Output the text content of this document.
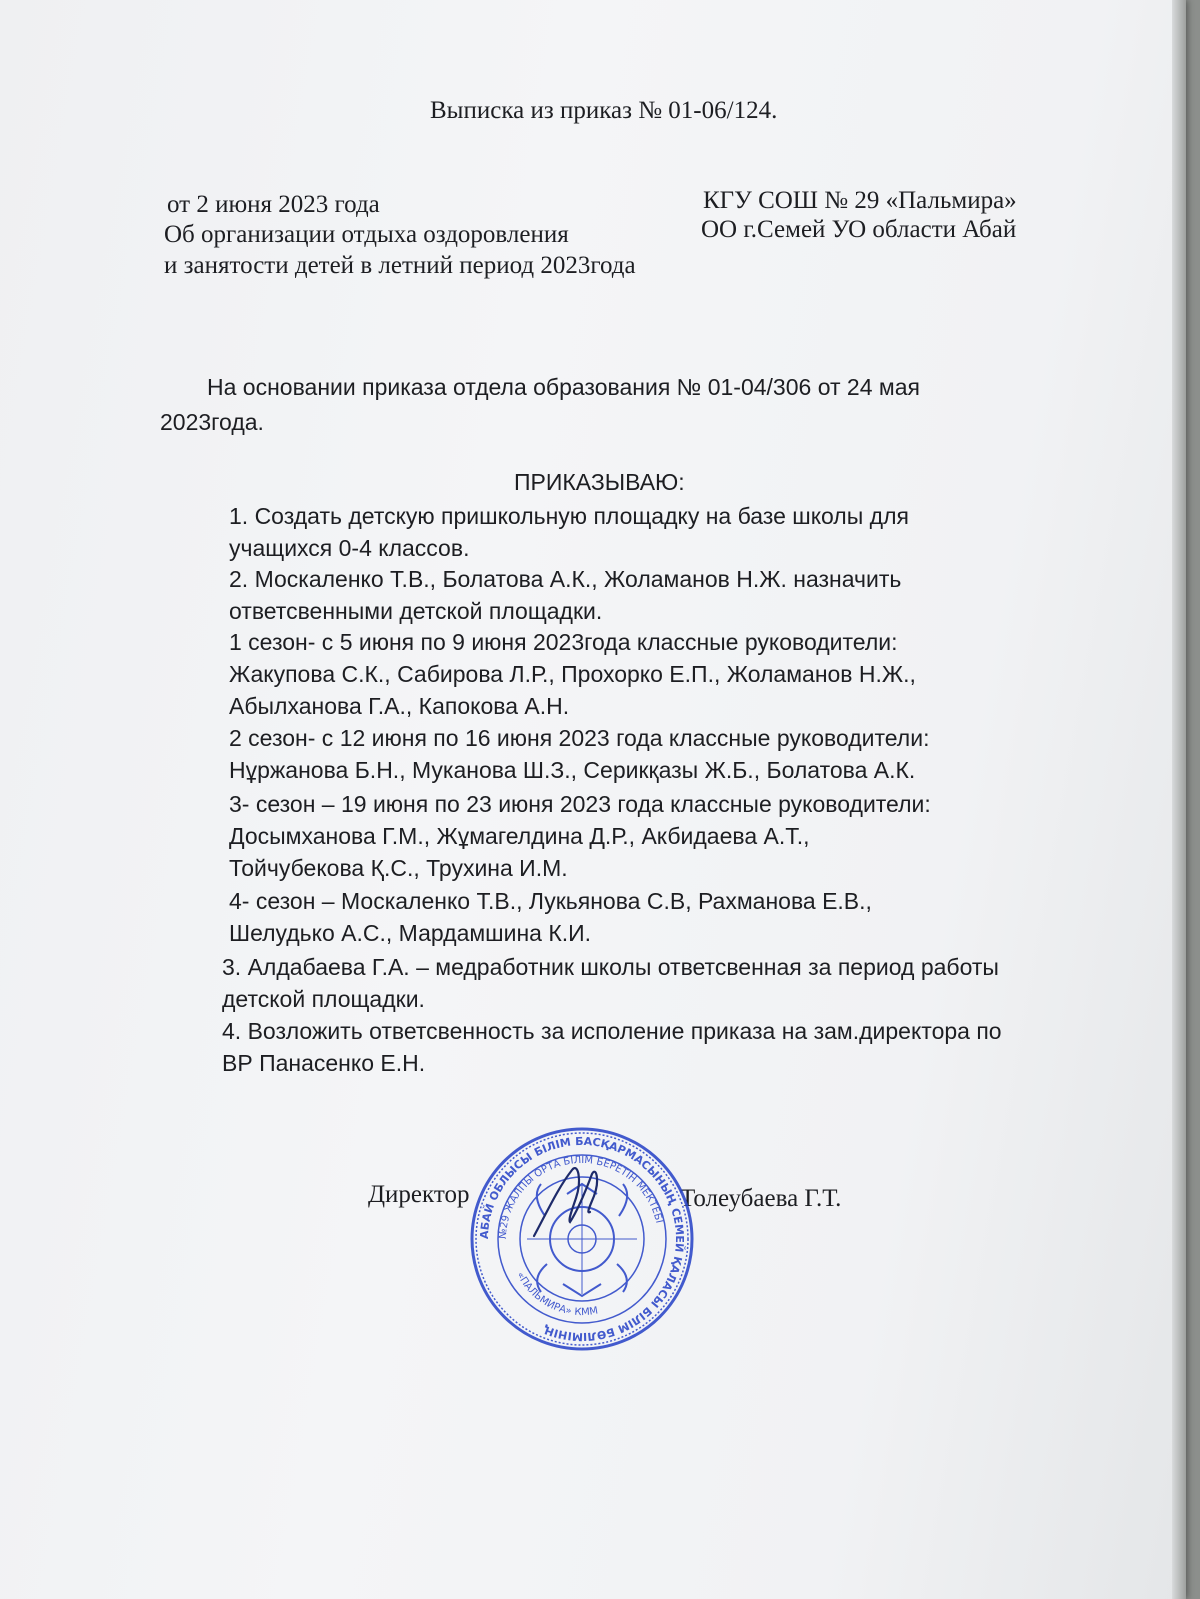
Выписка из приказ № 01-06/124.

от 2 июня 2023 года

Об организации отдыха оздоровления

и занятости детей в летний период 2023года

КГУ СОШ № 29 «Пальмира»

ОО г.Семей УО области Абай

На основании приказа отдела образования № 01-04/306 от 24 мая

2023года.

ПРИКАЗЫВАЮ:

1. Создать детскую пришкольную площадку на базе школы для

учащихся 0-4 классов.

2. Москаленко Т.В., Болатова А.К., Жоламанов Н.Ж. назначить

ответсвенными детской площадки.

1 сезон- с 5 июня по 9 июня 2023года классные руководители:

Жакупова С.К., Сабирова Л.Р., Прохорко Е.П., Жоламанов Н.Ж.,

Абылханова Г.А., Капокова А.Н.

2 сезон- с 12 июня по 16 июня 2023 года классные руководители:

Нұржанова Б.Н., Муканова Ш.З., Серикқазы Ж.Б., Болатова А.К.

3- сезон – 19 июня по 23 июня 2023 года классные руководители:

Досымханова Г.М., Жұмагелдина Д.Р., Акбидаева А.Т.,

Тойчубекова Қ.С., Трухина И.М.

4- сезон – Москаленко Т.В., Лукьянова С.В, Рахманова Е.В.,

Шелудько А.С., Мардамшина К.И.

3. Алдабаева Г.А. – медработник школы ответсвенная за период работы

детской площадки.

4. Возложить ответсвенность за исполение приказа на зам.директора по

ВР Панасенко Е.Н.

Директор	Толеубаева Г.Т.

АБАЙ ОБЛЫСЫ БІЛІМ БАСҚАРМАСЫНЫҢ СЕМЕЙ ҚАЛАСЫ БІЛІМ БӨЛІМІНІҢ
№29 ЖАЛПЫ ОРТА БІЛІМ БЕРЕТІН МЕКТЕБІ
«ПАЛЬМИРА» КММ
